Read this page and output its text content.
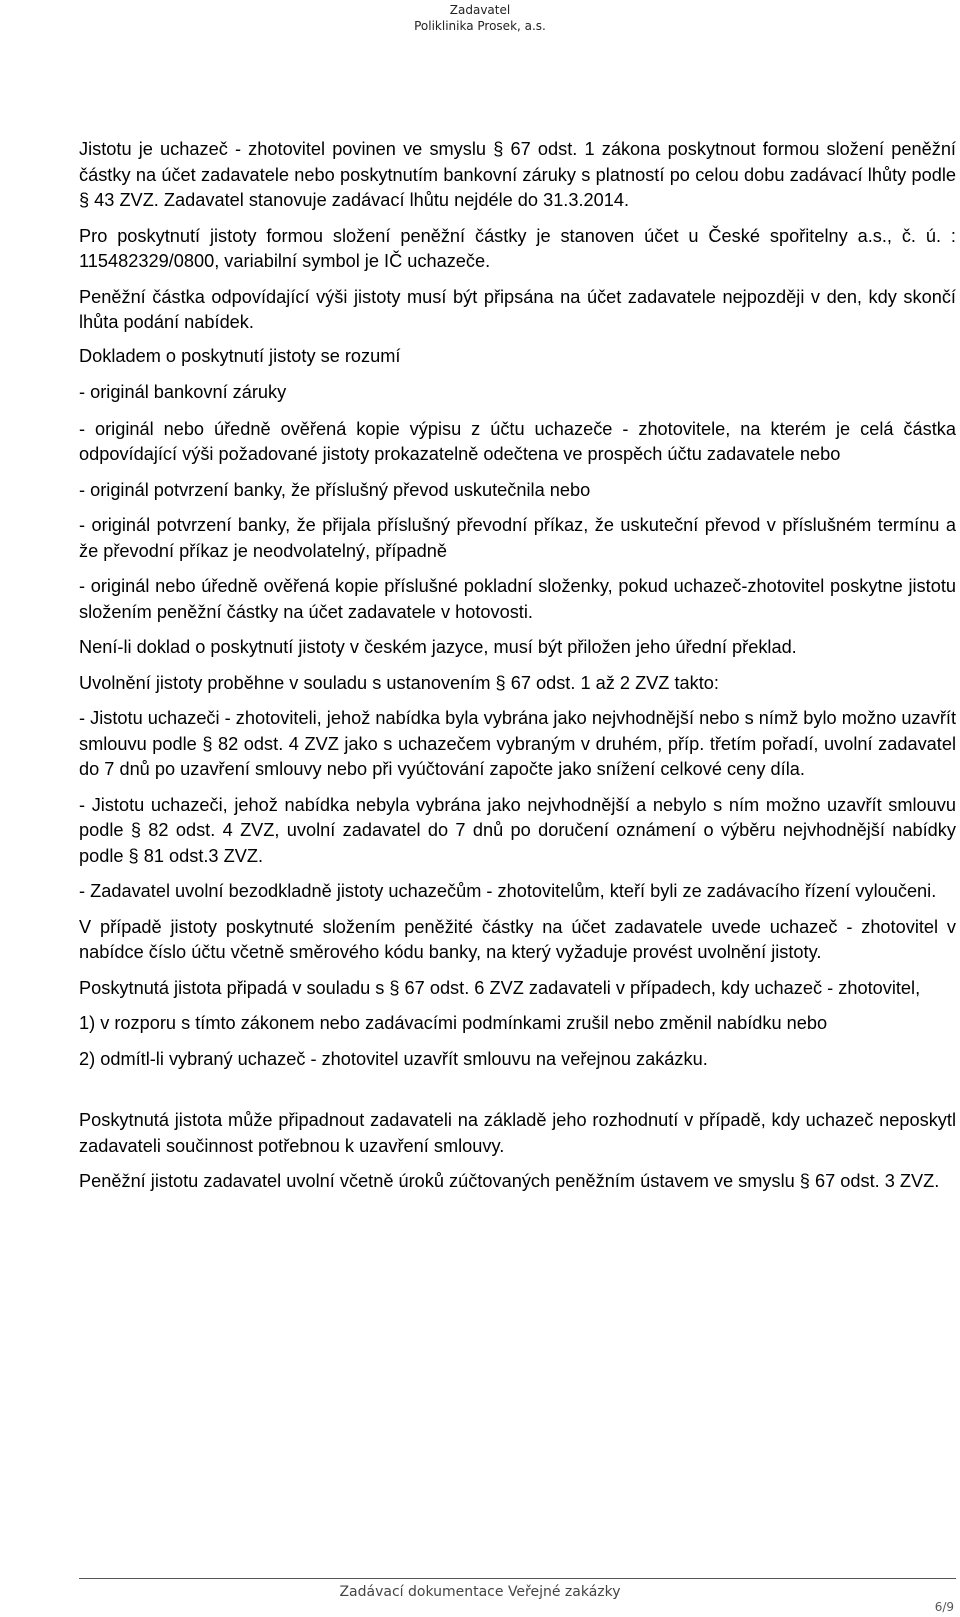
Zadavatel
Poliklinika Prosek, a.s.

Jistotu je uchazeč - zhotovitel povinen ve smyslu § 67 odst. 1 zákona poskytnout formou složení peněžní částky na účet zadavatele nebo poskytnutím bankovní záruky s platností po celou dobu zadávací lhůty podle § 43 ZVZ. Zadavatel stanovuje zadávací lhůtu nejdéle do 31.3.2014.

Pro poskytnutí jistoty formou složení peněžní částky je stanoven účet u České spořitelny a.s., č. ú. : 115482329/0800, variabilní symbol je IČ uchazeče.

Peněžní částka odpovídající výši jistoty musí být připsána na účet zadavatele nejpozději v den, kdy skončí lhůta podání nabídek.

Dokladem o poskytnutí jistoty se rozumí

- originál bankovní záruky

- originál nebo úředně ověřená kopie výpisu z účtu uchazeče - zhotovitele, na kterém je celá částka odpovídající výši požadované jistoty prokazatelně odečtena ve prospěch účtu zadavatele nebo

- originál potvrzení banky, že příslušný převod uskutečnila nebo

- originál potvrzení banky, že přijala příslušný převodní příkaz, že uskuteční převod v příslušném termínu a že převodní příkaz je neodvolatelný, případně

- originál nebo úředně ověřená kopie příslušné pokladní složenky, pokud uchazeč-zhotovitel poskytne jistotu složením peněžní částky na účet zadavatele v hotovosti.

Není-li doklad o poskytnutí jistoty v českém jazyce, musí být přiložen jeho úřední překlad.

Uvolnění jistoty proběhne v souladu s ustanovením § 67 odst. 1 až 2 ZVZ takto:

- Jistotu uchazeči - zhotoviteli, jehož nabídka byla vybrána jako nejvhodnější nebo s nímž bylo možno uzavřít smlouvu podle § 82 odst. 4 ZVZ jako s uchazečem vybraným v druhém, příp. třetím pořadí, uvolní zadavatel do 7 dnů po uzavření smlouvy nebo při vyúčtování započte jako snížení celkové ceny díla.

- Jistotu uchazeči, jehož nabídka nebyla vybrána jako nejvhodnější a nebylo s ním možno uzavřít smlouvu podle § 82 odst. 4 ZVZ, uvolní zadavatel do 7 dnů po doručení oznámení o výběru nejvhodnější nabídky podle § 81 odst.3 ZVZ.

- Zadavatel uvolní bezodkladně jistoty uchazečům - zhotovitelům, kteří byli ze zadávacího řízení vyloučeni.

V případě jistoty poskytnuté složením peněžité částky na účet zadavatele uvede uchazeč - zhotovitel v nabídce číslo účtu včetně směrového kódu banky, na který vyžaduje provést uvolnění jistoty.

Poskytnutá jistota připadá v souladu s § 67 odst. 6 ZVZ zadavateli v případech, kdy uchazeč - zhotovitel,

1) v rozporu s tímto zákonem nebo zadávacími podmínkami zrušil nebo změnil nabídku nebo

2) odmítl-li vybraný uchazeč - zhotovitel uzavřít smlouvu na veřejnou zakázku.

Poskytnutá jistota může připadnout zadavateli na základě jeho rozhodnutí v případě, kdy uchazeč neposkytl zadavateli součinnost potřebnou k uzavření smlouvy.

Peněžní jistotu zadavatel uvolní včetně úroků zúčtovaných peněžním ústavem ve smyslu § 67 odst. 3 ZVZ.

Zadávací dokumentace Veřejné zakázky
6/9
